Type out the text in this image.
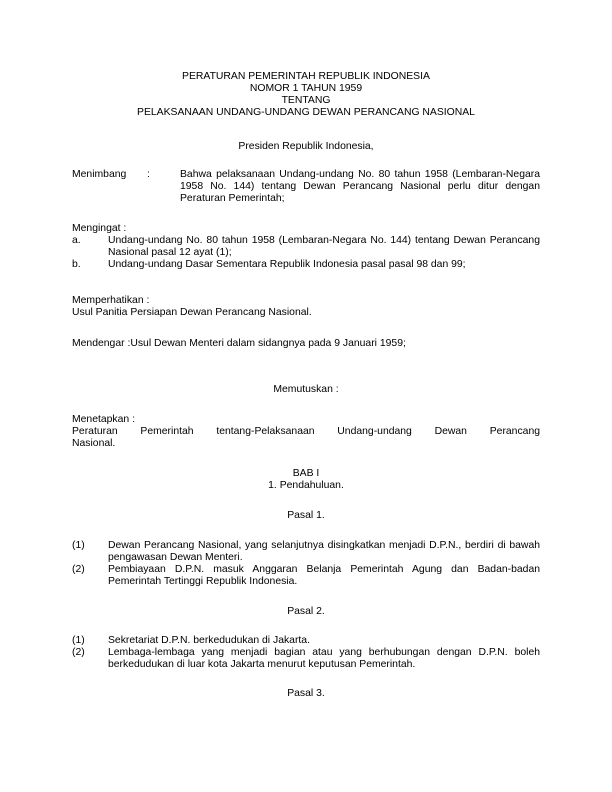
PERATURAN PEMERINTAH REPUBLIK INDONESIA
NOMOR 1 TAHUN 1959
TENTANG
PELAKSANAAN UNDANG-UNDANG DEWAN PERANCANG NASIONAL
Presiden Republik Indonesia,
Menimbang :	Bahwa pelaksanaan Undang-undang No. 80 tahun 1958 (Lembaran-Negara 1958 No. 144) tentang Dewan Perancang Nasional perlu ditur dengan Peraturan Pemerintah;
Mengingat :
a.	Undang-undang No. 80 tahun 1958 (Lembaran-Negara No. 144) tentang Dewan Perancang Nasional pasal 12 ayat (1);
b.	Undang-undang Dasar Sementara Republik Indonesia pasal pasal 98 dan 99;
Memperhatikan :
Usul Panitia Persiapan Dewan Perancang Nasional.
Mendengar :Usul Dewan Menteri dalam sidangnya pada 9 Januari 1959;
Memutuskan :
Menetapkan :
Peraturan Pemerintah tentang-Pelaksanaan Undang-undang Dewan Perancang
Nasional.
BAB I
1. Pendahuluan.
Pasal 1.
(1) Dewan Perancang Nasional, yang selanjutnya disingkatkan menjadi D.P.N., berdiri di bawah pengawasan Dewan Menteri.
(2) Pembiayaan D.P.N. masuk Anggaran Belanja Pemerintah Agung dan Badan-badan Pemerintah Tertinggi Republik Indonesia.
Pasal 2.
(1) Sekretariat D.P.N. berkedudukan di Jakarta.
(2) Lembaga-lembaga yang menjadi bagian atau yang berhubungan dengan D.P.N. boleh berkedudukan di luar kota Jakarta menurut keputusan Pemerintah.
Pasal 3.
